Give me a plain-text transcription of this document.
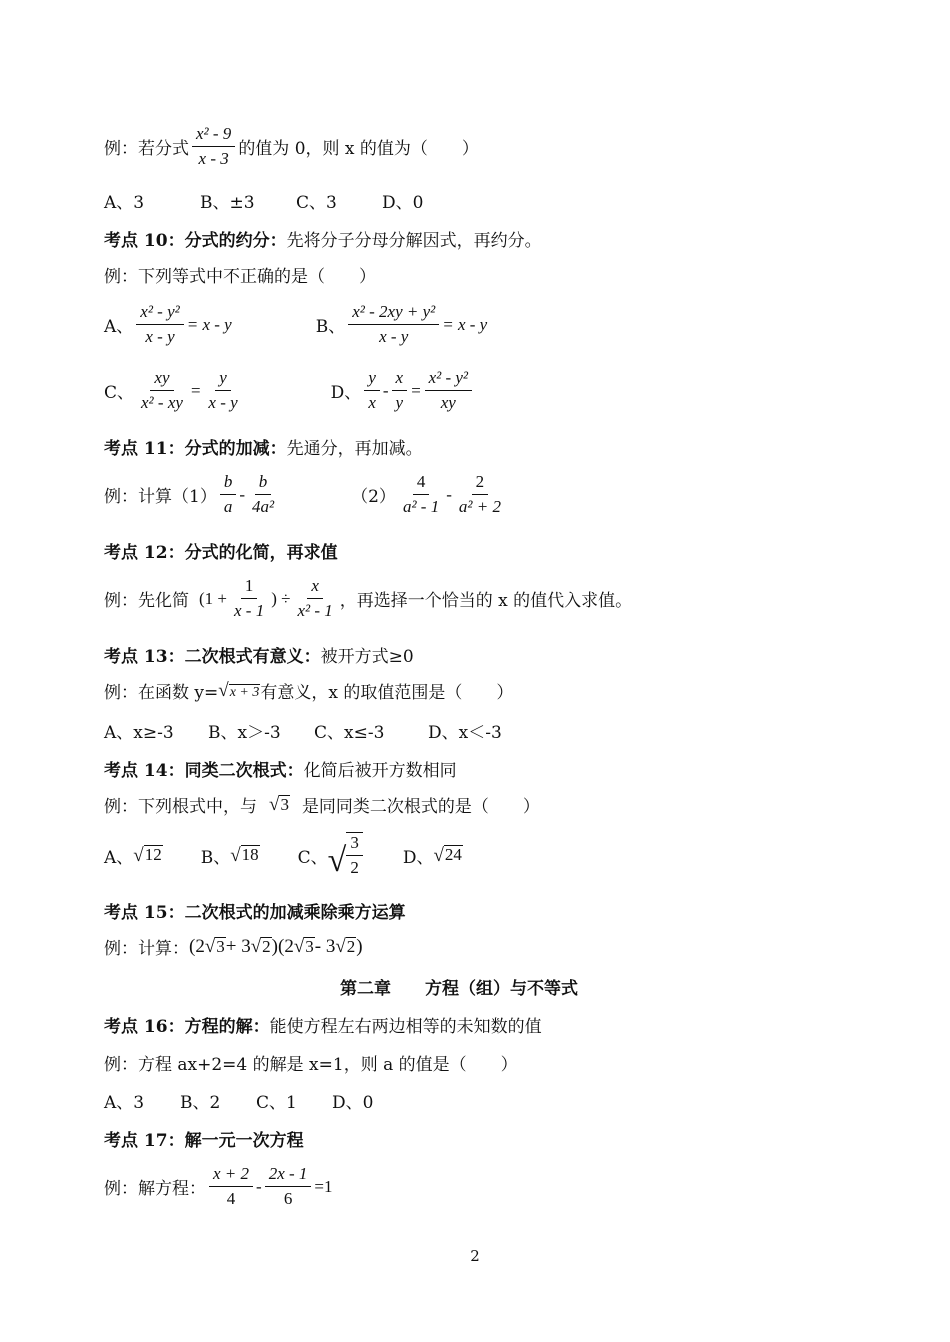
例：若分式 $\frac{\text{x² - 9}}{x - 3}$ 的值为 0，则 x 的值为（　　）
A、3	B、±3	C、3	D、0
考点 10：分式的约分： 先将分子分母分解因式，再约分。
例：下列等式中不正确的是（　　）
A、 $\frac{\text{x² - y²}}{x - y} = x - y$	B、 $\frac{\text{x² - 2xy + y²}}{x - y} = x - y$
C、 $\frac{xy}{\text{x² - xy}} = \frac{y}{x - y}$	D、 $\frac{y}{x} - \frac{x}{y} = \frac{\text{x² - y²}}{xy}$
考点 11：分式的加减： 先通分，再加减。
例：计算$(1) \frac{b}{a} - \frac{b}{\text{4a²}}$	$(2) \frac{4}{\text{a² - 1}} - \frac{2}{\text{a² + 2}}$
考点 12：分式的化简，再求值
例：先化简 ($1 + \frac{1}{x - 1}$ ) ÷ $\frac{x}{\text{x² - 1}}$ ，再选择一个恰当的 x 的值代入求值。
考点 13：二次根式有意义： 被开方式≥0
例：在函数 y= √ x + 3 有意义，x 的取值范围是（　　）
A、x≥-3	B、x＞-3	C、x≤-3	D、x＜-3
考点 14：同类二次根式： 化简后被开方数相同
例：下列根式中，与 √ 3 是同同类二次根式的是（　　）
A、 √ 12 B、 √ 18 C、 √ $\frac{3}{2}$ D、 √ 24
考点 15：二次根式的加减乘除乘方运算
例：计算： (2 √ 3 + 3 √ 2 )(2 √ 3 - 3 √ 2 )
第二章　　方程（组）与不等式
考点 16：方程的解： 能使方程左右两边相等的未知数的值
例：方程 ax+2=4 的解是 x=1，则 a 的值是（　　）
A、3	B、2	C、1	D、0
考点 17：解一元一次方程
例：解方程： $\frac{x + 2}{4} - \frac{2x - 1}{6} =1$
2
